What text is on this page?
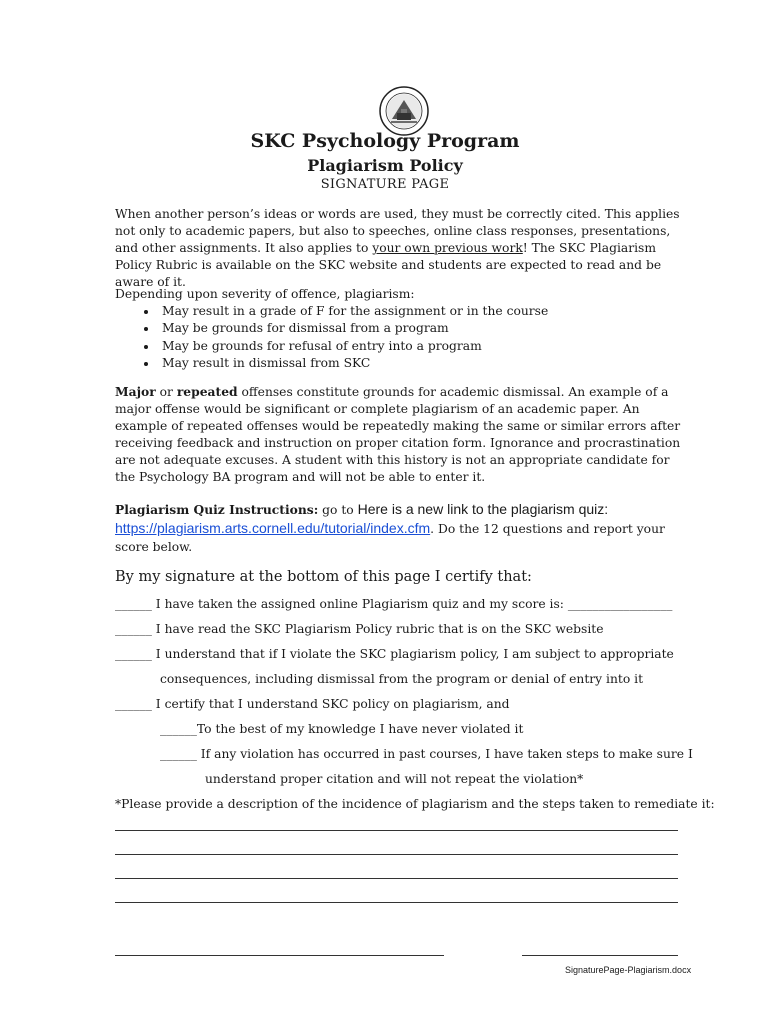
SKC Psychology Program
Plagiarism Policy
SIGNATURE PAGE
When another person’s ideas or words are used, they must be correctly cited. This applies not only to academic papers, but also to speeches, online class responses, presentations, and other assignments. It also applies to your own previous work! The SKC Plagiarism Policy Rubric is available on the SKC website and students are expected to read and be aware of it.
Depending upon severity of offence, plagiarism:
• May result in a grade of F for the assignment or in the course
• May be grounds for dismissal from a program
• May be grounds for refusal of entry into a program
• May result in dismissal from SKC
Major or repeated offenses constitute grounds for academic dismissal. An example of a major offense would be significant or complete plagiarism of an academic paper. An example of repeated offenses would be repeatedly making the same or similar errors after receiving feedback and instruction on proper citation form. Ignorance and procrastination are not adequate excuses. A student with this history is not an appropriate candidate for the Psychology BA program and will not be able to enter it.
Plagiarism Quiz Instructions: go to Here is a new link to the plagiarism quiz: https://plagiarism.arts.cornell.edu/tutorial/index.cfm. Do the 12 questions and report your score below.
By my signature at the bottom of this page I certify that:
______ I have taken the assigned online Plagiarism quiz and my score is: _________________
______ I have read the SKC Plagiarism Policy rubric that is on the SKC website
______ I understand that if I violate the SKC plagiarism policy, I am subject to appropriate
consequences, including dismissal from the program or denial of entry into it
______ I certify that I understand SKC policy on plagiarism, and
______To the best of my knowledge I have never violated it
______ If any violation has occurred in past courses, I have taken steps to make sure I
understand proper citation and will not repeat the violation*
*Please provide a description of the incidence of plagiarism and the steps taken to remediate it:
SignaturePage-Plagiarism.docx
